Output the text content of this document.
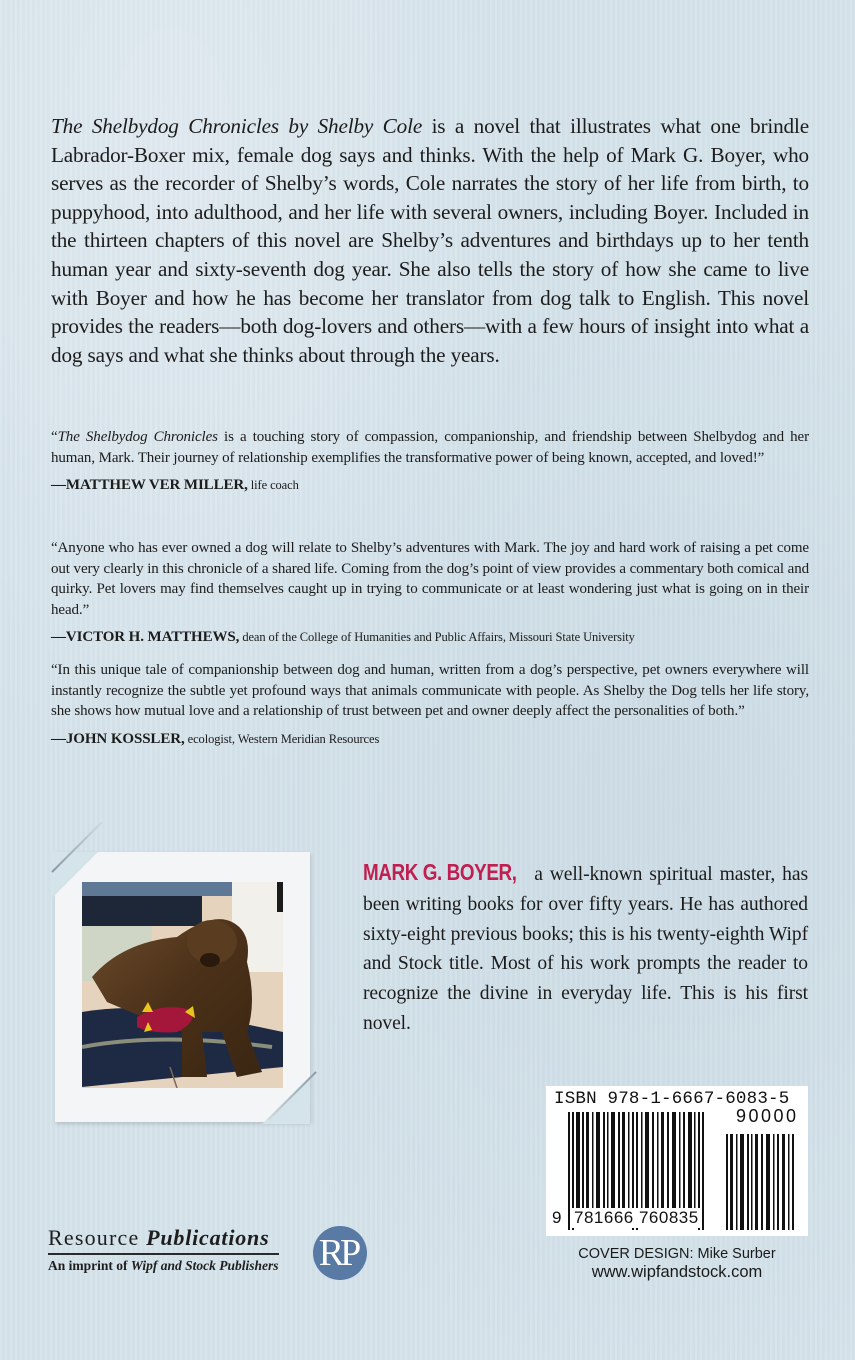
The Shelbydog Chronicles by Shelby Cole is a novel that illustrates what one brindle Labrador-Boxer mix, female dog says and thinks. With the help of Mark G. Boyer, who serves as the recorder of Shelby’s words, Cole narrates the story of her life from birth, to puppyhood, into adulthood, and her life with several owners, including Boyer. Included in the thirteen chapters of this novel are Shelby’s adventures and birthdays up to her tenth human year and sixty-seventh dog year. She also tells the story of how she came to live with Boyer and how he has become her translator from dog talk to English. This novel provides the readers—both dog-lovers and others—with a few hours of insight into what a dog says and what she thinks about through the years.
“The Shelbydog Chronicles is a touching story of compassion, companionship, and friendship between Shelbydog and her human, Mark. Their journey of relationship exemplifies the transformative power of being known, accepted, and loved!”
—MATTHEW VER MILLER, life coach
“Anyone who has ever owned a dog will relate to Shelby’s adventures with Mark. The joy and hard work of raising a pet come out very clearly in this chronicle of a shared life. Coming from the dog’s point of view provides a commentary both comical and quirky. Pet lovers may find themselves caught up in trying to communicate or at least wondering just what is going on in their head.”
—VICTOR H. MATTHEWS, dean of the College of Humanities and Public Affairs, Missouri State University
“In this unique tale of companionship between dog and human, written from a dog’s perspective, pet owners everywhere will instantly recognize the subtle yet profound ways that animals communicate with people. As Shelby the Dog tells her life story, she shows how mutual love and a relationship of trust between pet and owner deeply affect the personalities of both.”
—JOHN KOSSLER, ecologist, Western Meridian Resources
MARK G. BOYER, a well-known spiritual master, has been writing books for over fifty years. He has authored sixty-eight previous books; this is his twenty-eighth Wipf and Stock title. Most of his work prompts the reader to recognize the divine in everyday life. This is his first novel.
ISBN 978-1-6667-6083-5
90000
9 781666 760835
COVER DESIGN: Mike Surber
www.wipfandstock.com
Resource Publications
An imprint of Wipf and Stock Publishers RP
